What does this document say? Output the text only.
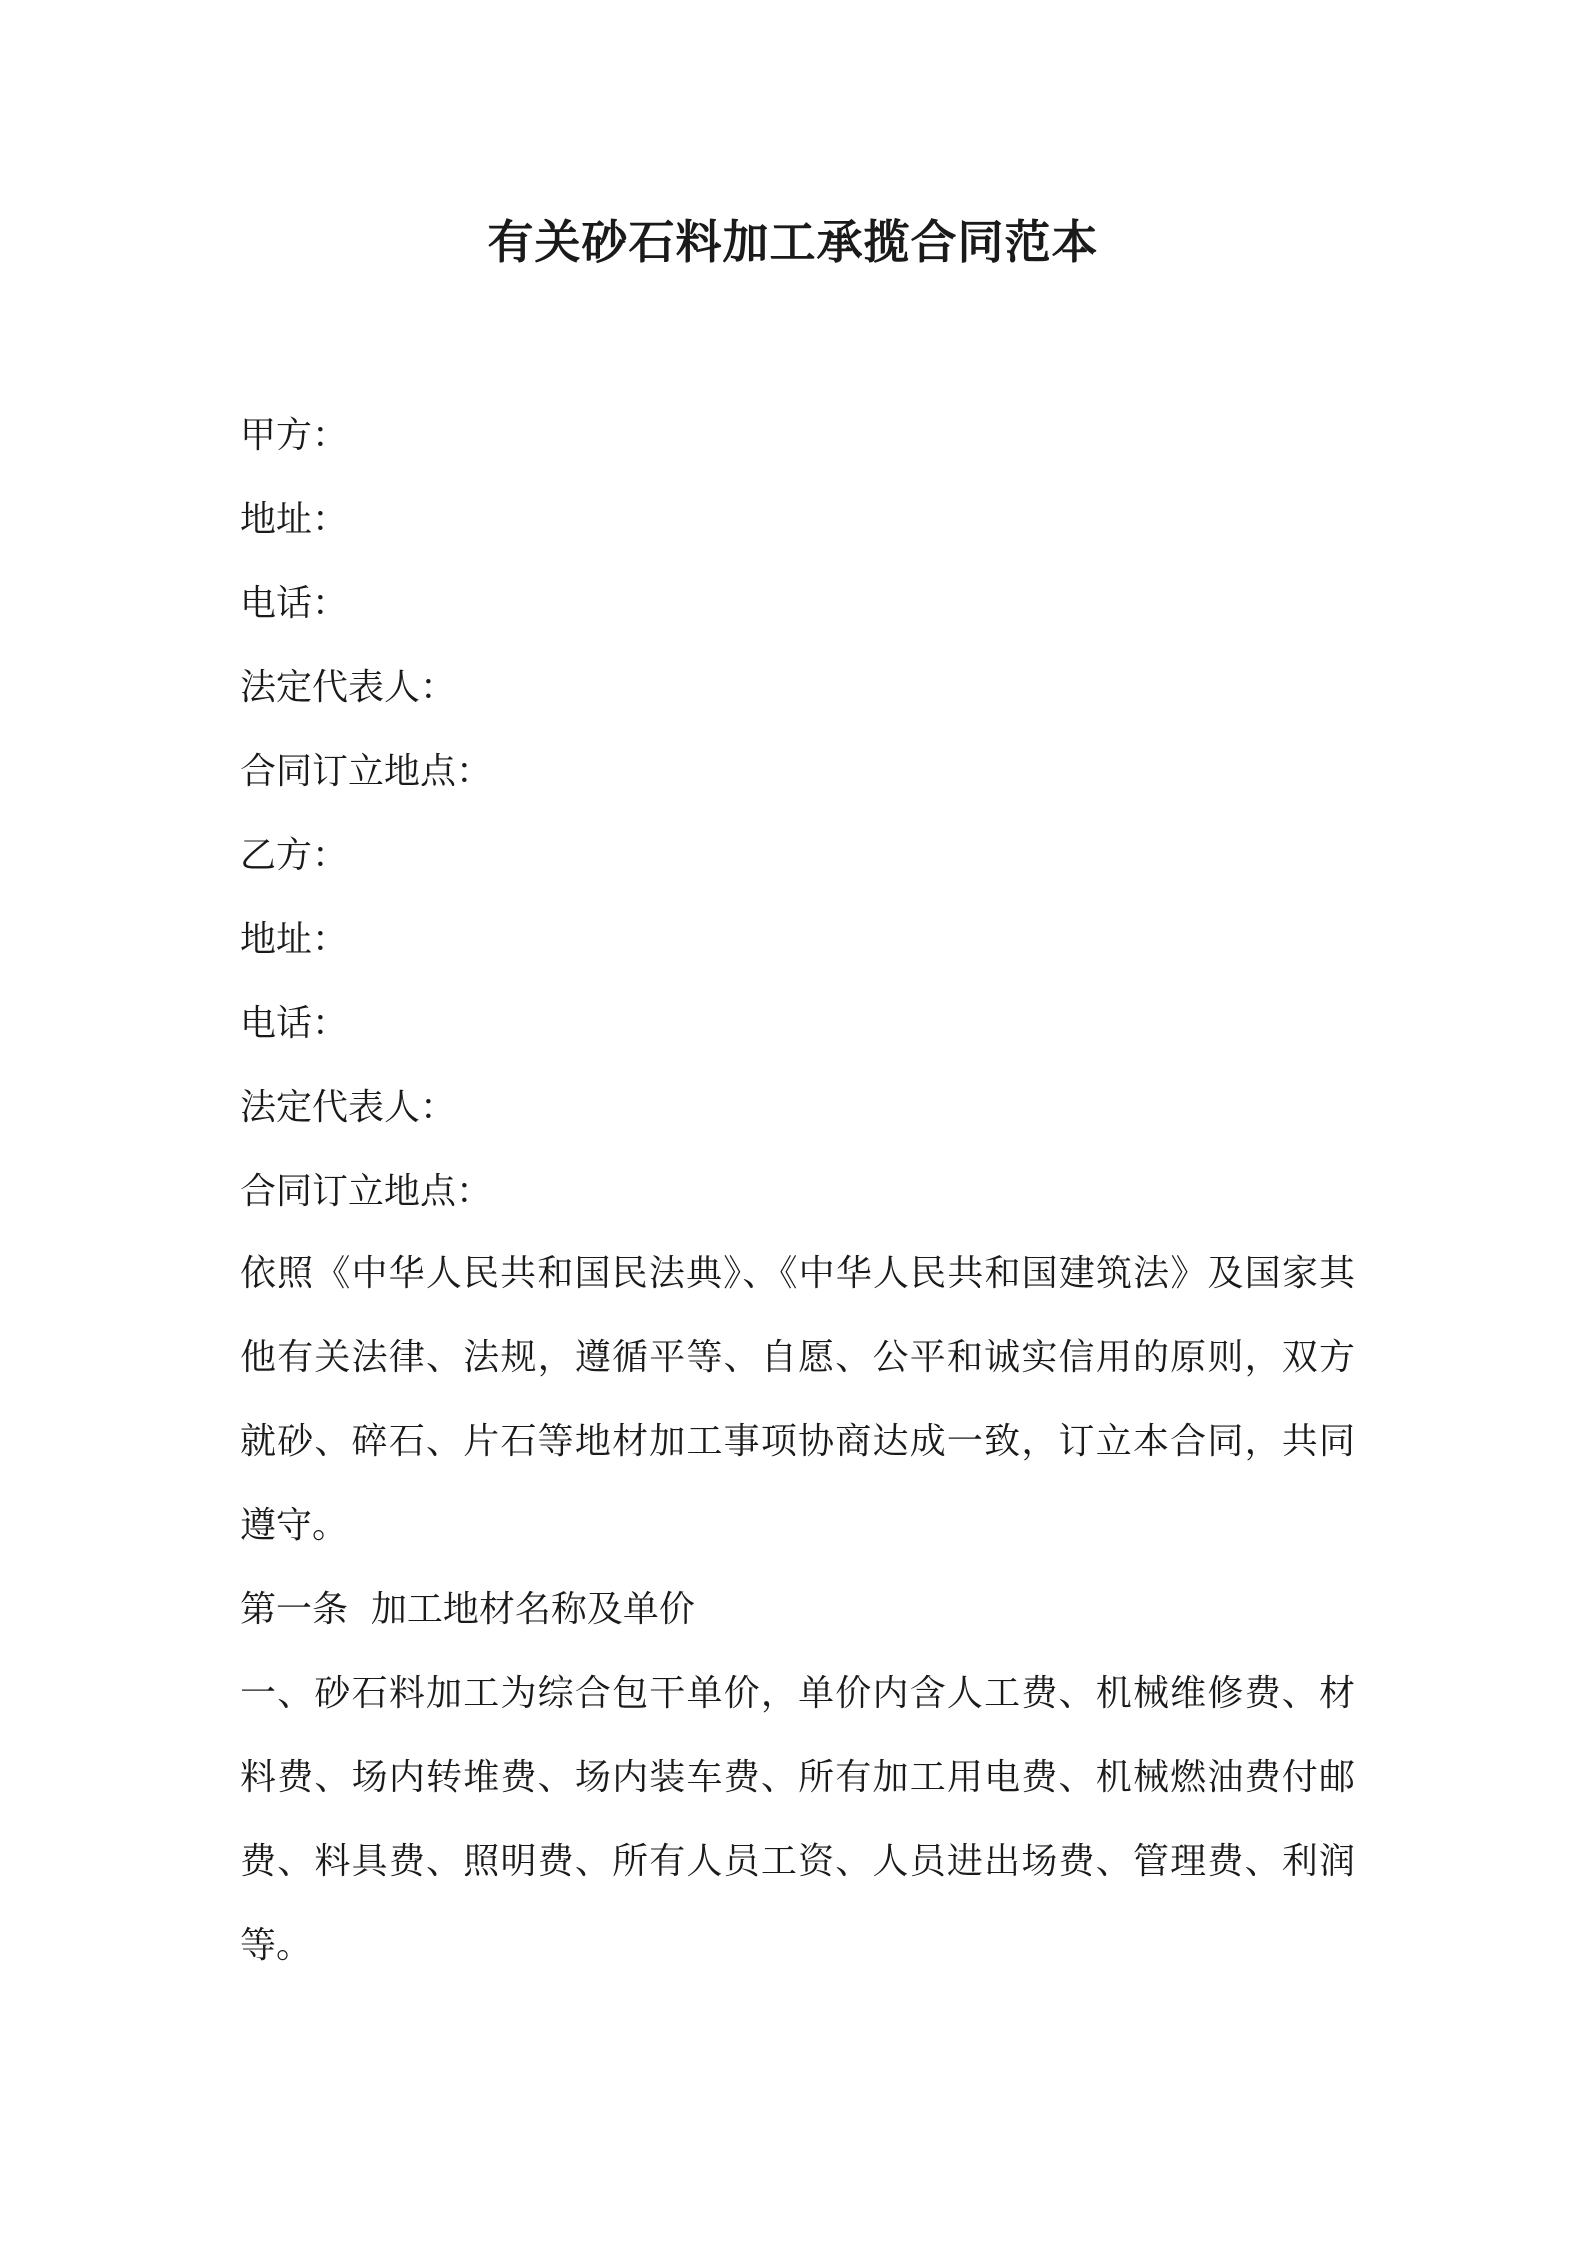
有关砂石料加工承揽合同范本
甲方：
地址：
电话：
法定代表人：
合同订立地点：
乙方：
地址：
电话：
法定代表人：
合同订立地点：

依照《中华人民共和国民法典》、《中华人民共和国建筑法》及国家其他有关法律、法规，遵循平等、自愿、公平和诚实信用的原则，双方就砂、碎石、片石等地材加工事项协商达成一致，订立本合同，共同遵守。

第一条  加工地材名称及单价

一、砂石料加工为综合包干单价，单价内含人工费、机械维修费、材料费、场内转堆费、场内装车费、所有加工用电费、机械燃油费付邮费、料具费、照明费、所有人员工资、人员进出场费、管理费、利润等。
